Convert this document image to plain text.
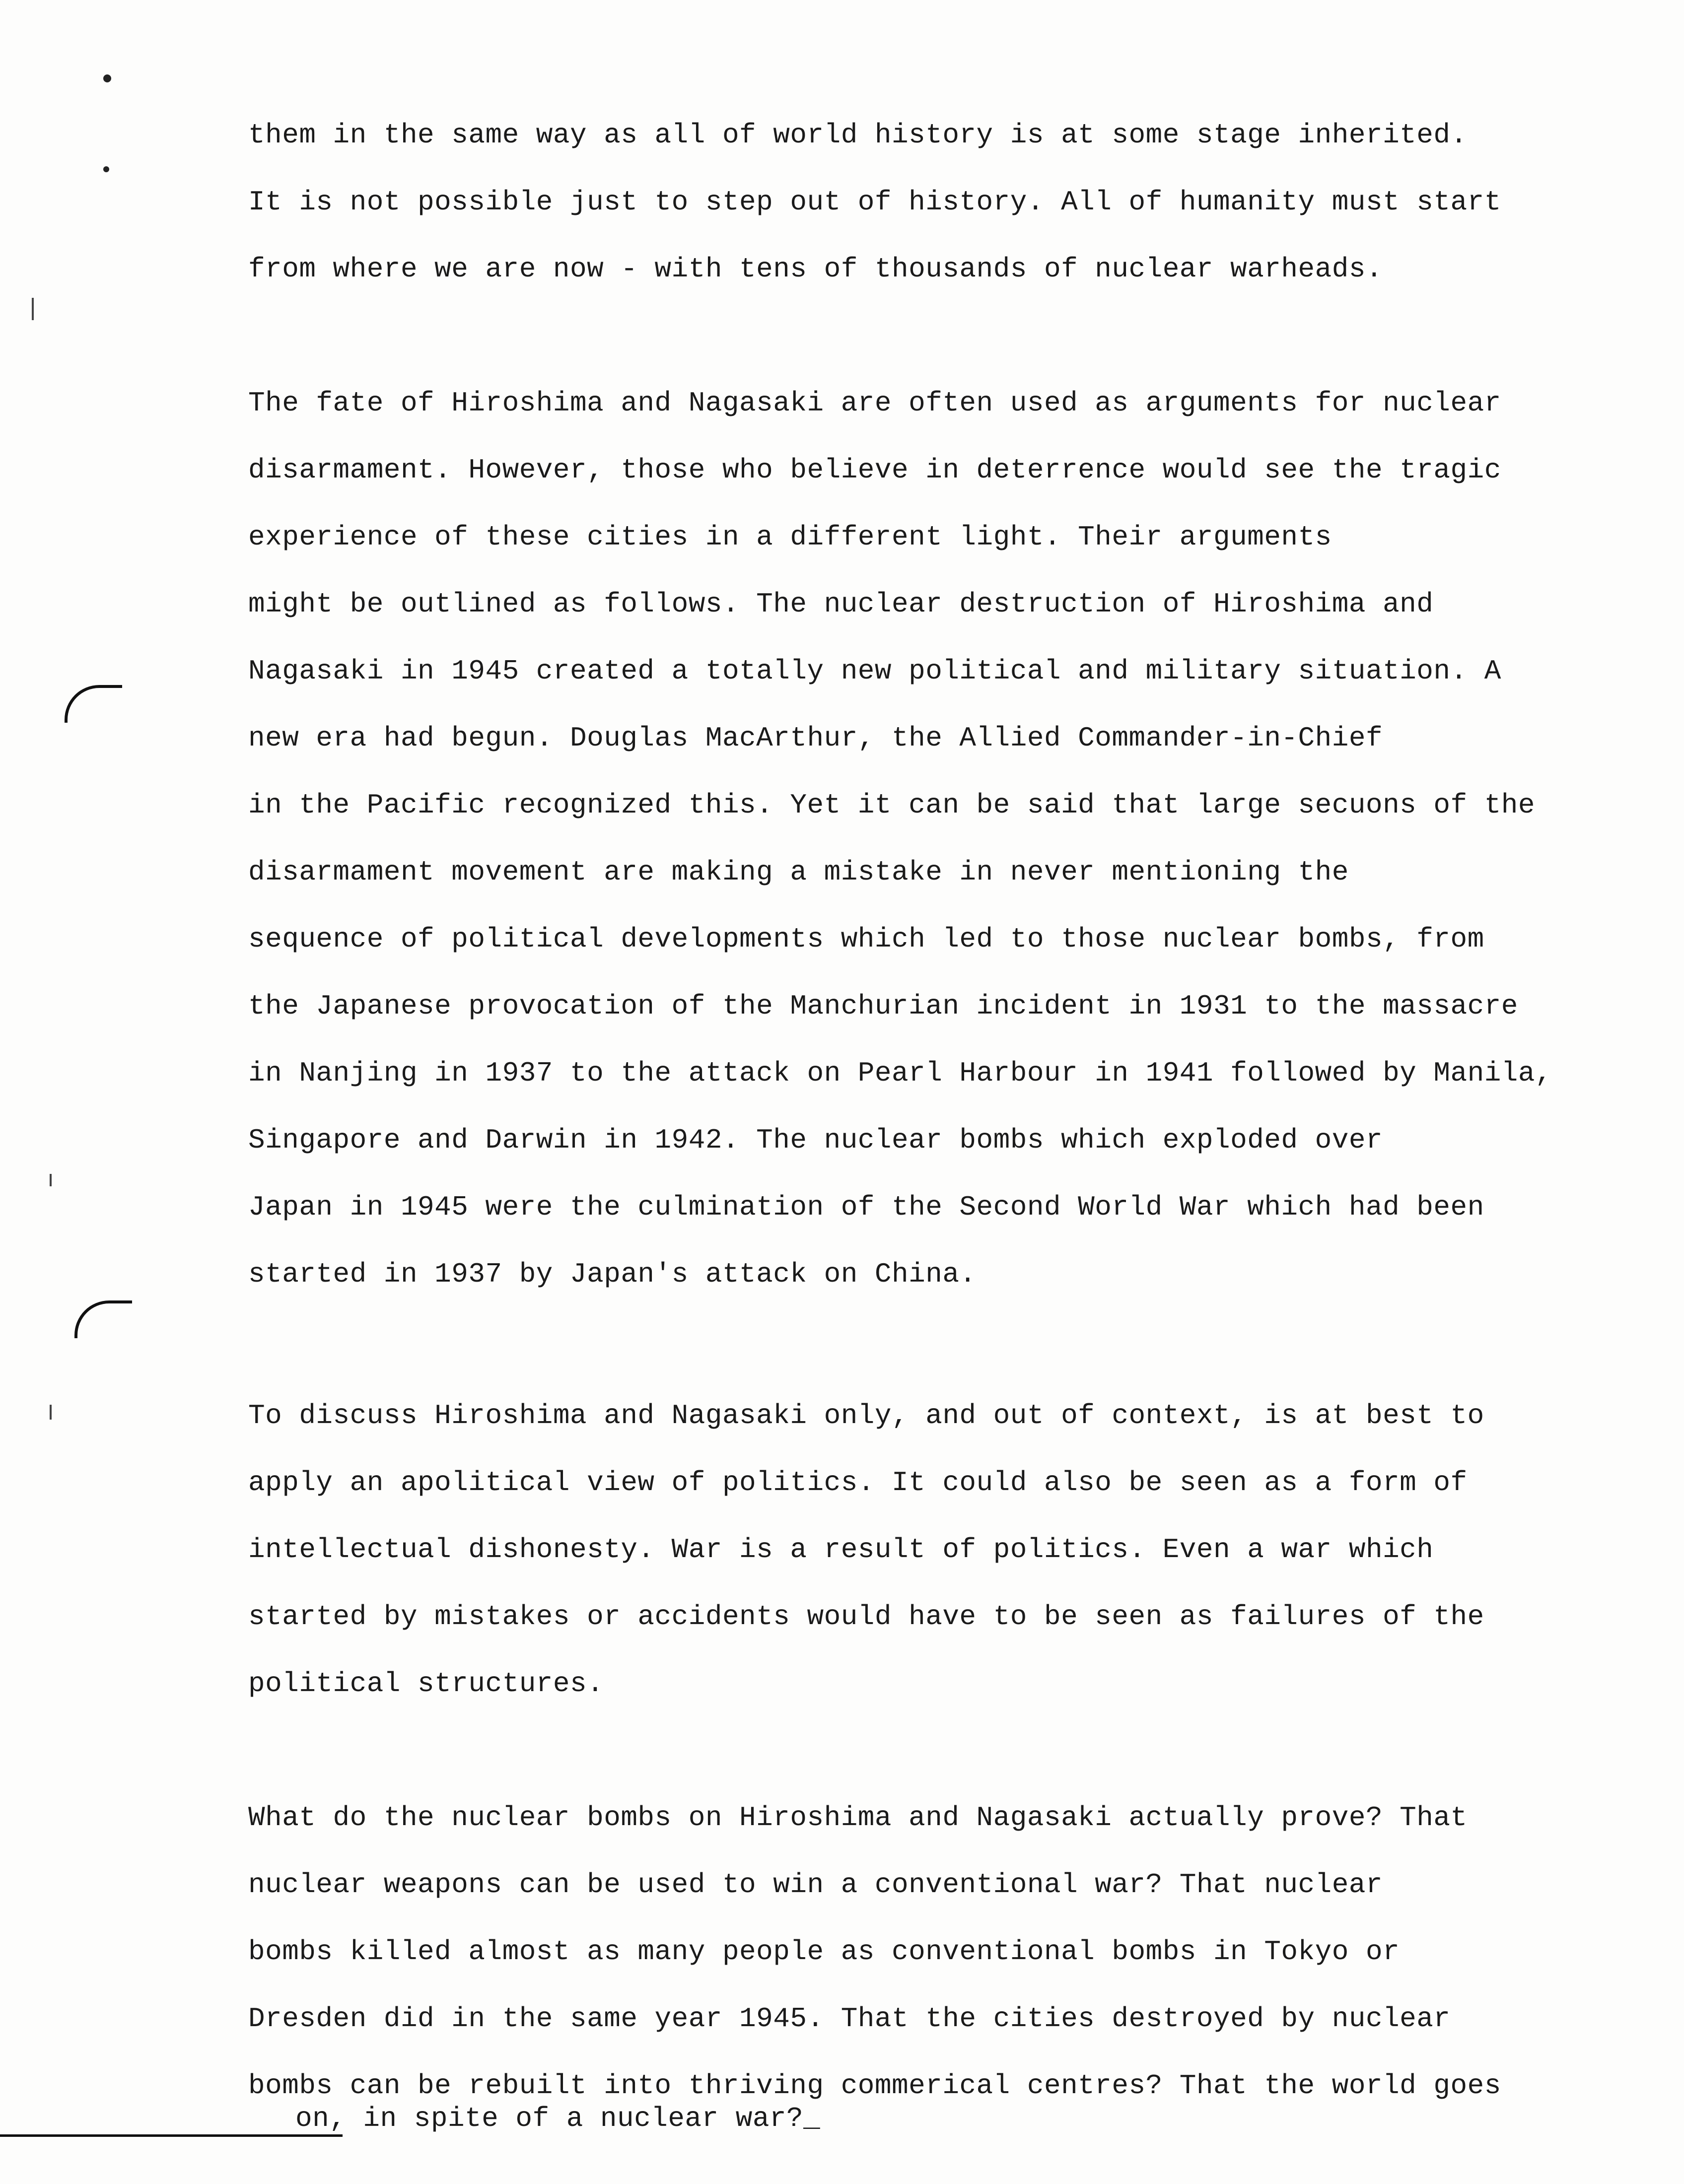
them in the same way as all of world history is at some stage inherited.
It is not possible just to step out of history. All of humanity must start
from where we are now - with tens of thousands of nuclear warheads.
The fate of Hiroshima and Nagasaki are often used as arguments for nuclear
disarmament. However, those who believe in deterrence would see the tragic
experience of these cities in a different light. Their arguments
might be outlined as follows. The nuclear destruction of Hiroshima and
Nagasaki in 1945 created a totally new political and military situation. A
new era had begun. Douglas MacArthur, the Allied Commander-in-Chief
in the Pacific recognized this. Yet it can be said that large secuons of the
disarmament movement are making a mistake in never mentioning the
sequence of political developments which led to those nuclear bombs, from
the Japanese provocation of the Manchurian incident in 1931 to the massacre
in Nanjing in 1937 to the attack on Pearl Harbour in 1941 followed by Manila,
Singapore and Darwin in 1942. The nuclear bombs which exploded over
Japan in 1945 were the culmination of the Second World War which had been
started in 1937 by Japan's attack on China.
To discuss Hiroshima and Nagasaki only, and out of context, is at best to
apply an apolitical view of politics. It could also be seen as a form of
intellectual dishonesty. War is a result of politics. Even a war which
started by mistakes or accidents would have to be seen as failures of the
political structures.
What do the nuclear bombs on Hiroshima and Nagasaki actually prove? That
nuclear weapons can be used to win a conventional war? That nuclear
bombs killed almost as many people as conventional bombs in Tokyo or
Dresden did in the same year 1945. That the cities destroyed by nuclear
bombs can be rebuilt into thriving commerical centres? That the world goes
on, in spite of a nuclear war?_
